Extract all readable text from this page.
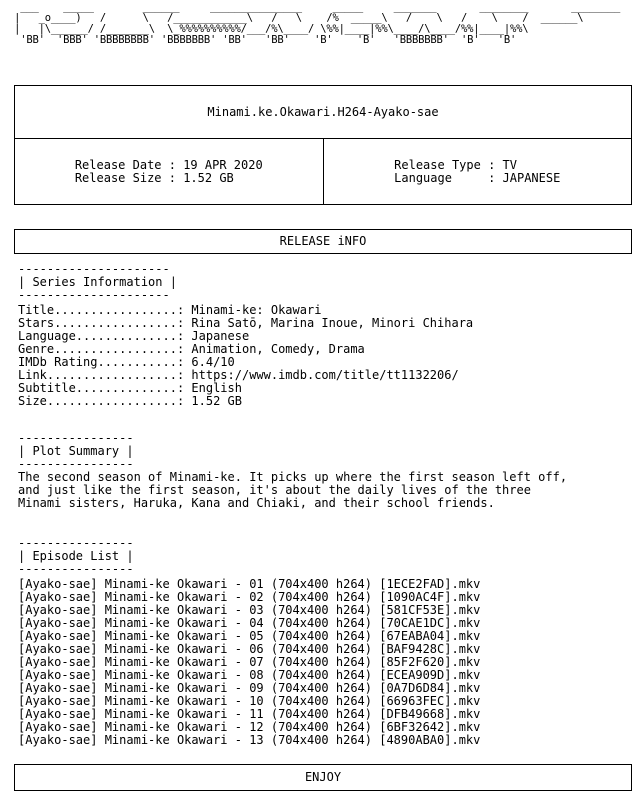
___    _____        ______     _______________     _____     _______       ________       ________
|   _o____)   /      \   /____________\   /   \    /%  _____\   /    \   /    \    /  ______\
|   |\______/ /_______\  \_%%%%%%%%%%/___/%\____/ \%%|____|%%\____/\____/%%|____|%%\
'BB'  'BBB' 'BBBBBBBB' 'BBBBBBB' 'BB'   'BB'    'B'    'B'   'BBBBBBB'  'B'   'B'
Minami.ke.Okawari.H264-Ayako-sae
Release Date : 19 APR 2020
Release Size : 1.52 GB
Release Type : TV
Language     : JAPANESE
RELEASE iNFO
---------------------
| Series Information |
---------------------
Title.................: Minami-ke: Okawari
Stars.................: Rina Satō, Marina Inoue, Minori Chihara
Language..............: Japanese
Genre.................: Animation, Comedy, Drama
IMDb Rating...........: 6.4/10
Link..................: https://www.imdb.com/title/tt1132206/
Subtitle..............: English
Size..................: 1.52 GB
----------------
| Plot Summary |
----------------
The second season of Minami-ke. It picks up where the first season left off,
and just like the first season, it's about the daily lives of the three
Minami sisters, Haruka, Kana and Chiaki, and their school friends.
----------------
| Episode List |
----------------
[Ayako-sae] Minami-ke Okawari - 01 (704x400 h264) [1ECE2FAD].mkv
[Ayako-sae] Minami-ke Okawari - 02 (704x400 h264) [1090AC4F].mkv
[Ayako-sae] Minami-ke Okawari - 03 (704x400 h264) [581CF53E].mkv
[Ayako-sae] Minami-ke Okawari - 04 (704x400 h264) [70CAE1DC].mkv
[Ayako-sae] Minami-ke Okawari - 05 (704x400 h264) [67EABA04].mkv
[Ayako-sae] Minami-ke Okawari - 06 (704x400 h264) [BAF9428C].mkv
[Ayako-sae] Minami-ke Okawari - 07 (704x400 h264) [85F2F620].mkv
[Ayako-sae] Minami-ke Okawari - 08 (704x400 h264) [ECEA909D].mkv
[Ayako-sae] Minami-ke Okawari - 09 (704x400 h264) [0A7D6D84].mkv
[Ayako-sae] Minami-ke Okawari - 10 (704x400 h264) [66963FEC].mkv
[Ayako-sae] Minami-ke Okawari - 11 (704x400 h264) [DFB49668].mkv
[Ayako-sae] Minami-ke Okawari - 12 (704x400 h264) [6BF32642].mkv
[Ayako-sae] Minami-ke Okawari - 13 (704x400 h264) [4890ABA0].mkv
ENJOY
